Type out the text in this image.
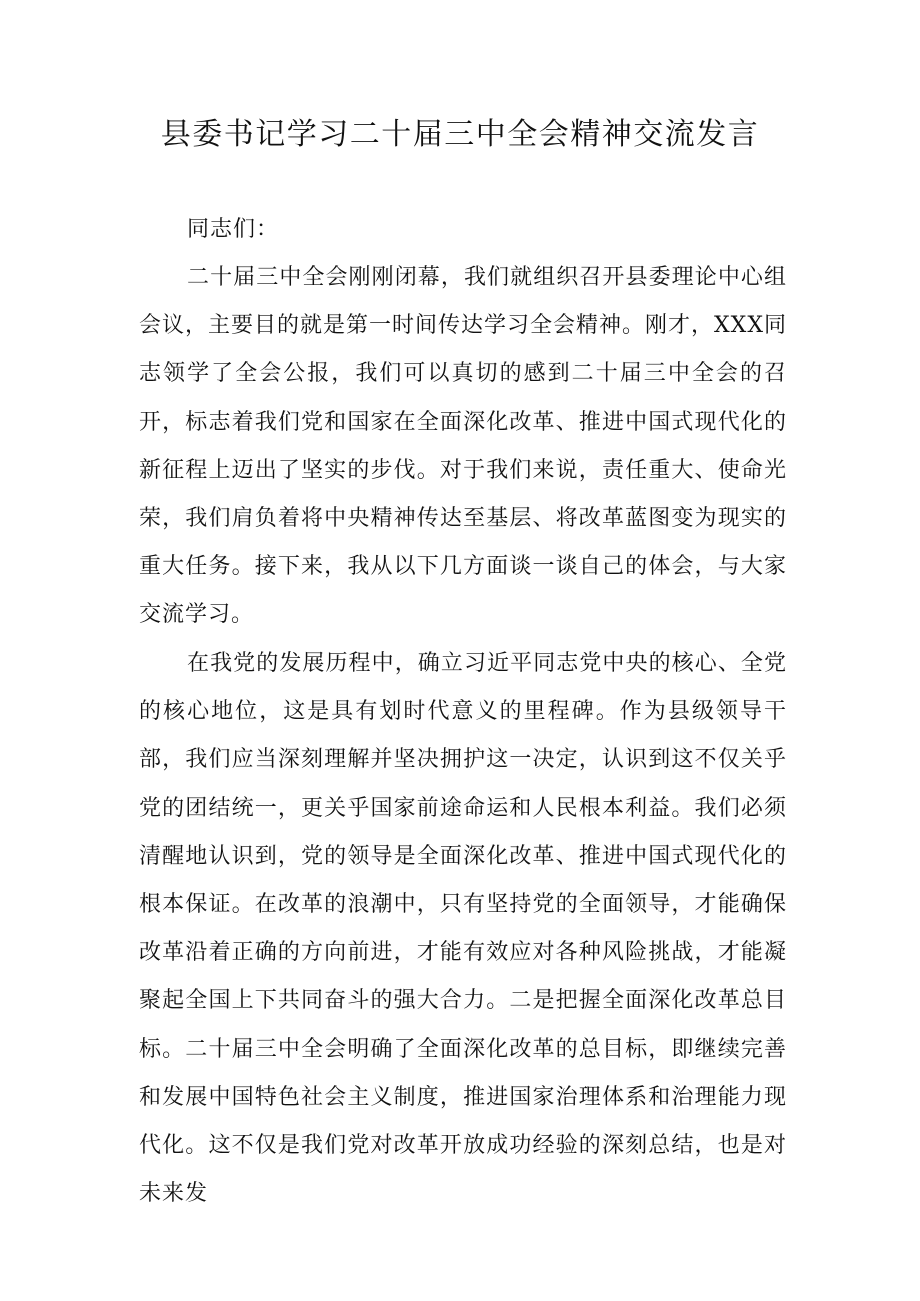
县委书记学习二十届三中全会精神交流发言

同志们：

二十届三中全会刚刚闭幕，我们就组织召开县委理论中心组会议，主要目的就是第一时间传达学习全会精神。刚才，XXX同志领学了全会公报，我们可以真切的感到二十届三中全会的召开，标志着我们党和国家在全面深化改革、推进中国式现代化的新征程上迈出了坚实的步伐。对于我们来说，责任重大、使命光荣，我们肩负着将中央精神传达至基层、将改革蓝图变为现实的重大任务。接下来，我从以下几方面谈一谈自己的体会，与大家交流学习。

在我党的发展历程中，确立习近平同志党中央的核心、全党的核心地位，这是具有划时代意义的里程碑。作为县级领导干部，我们应当深刻理解并坚决拥护这一决定，认识到这不仅关乎党的团结统一，更关乎国家前途命运和人民根本利益。我们必须清醒地认识到，党的领导是全面深化改革、推进中国式现代化的根本保证。在改革的浪潮中，只有坚持党的全面领导，才能确保改革沿着正确的方向前进，才能有效应对各种风险挑战，才能凝聚起全国上下共同奋斗的强大合力。二是把握全面深化改革总目标。二十届三中全会明确了全面深化改革的总目标，即继续完善和发展中国特色社会主义制度，推进国家治理体系和治理能力现代化。这不仅是我们党对改革开放成功经验的深刻总结，也是对未来发
